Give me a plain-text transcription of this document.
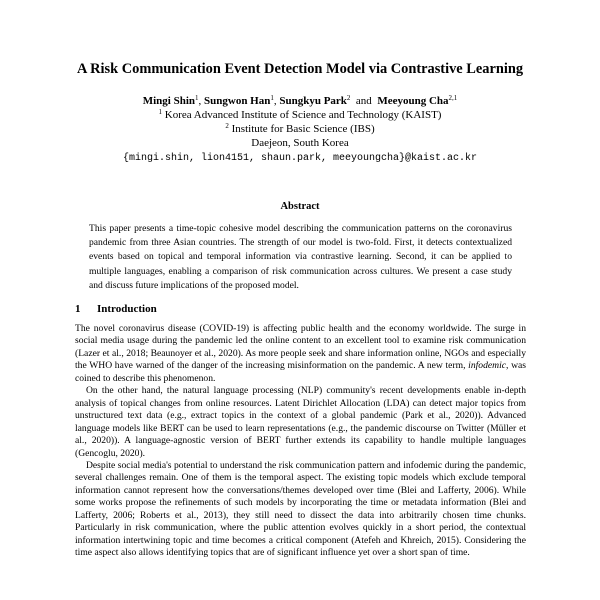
A Risk Communication Event Detection Model via Contrastive Learning
Mingi Shin$^1$, Sungwon Han$^1$, Sungkyu Park$^2$  and  Meeyoung Cha$^{2,1}$
$^1$ Korea Advanced Institute of Science and Technology (KAIST)
$^2$ Institute for Basic Science (IBS)
Daejeon, South Korea
{mingi.shin, lion4151, shaun.park, meeyoungcha}@kaist.ac.kr
Abstract
This paper presents a time-topic cohesive model describing the communication patterns on the coronavirus pandemic from three Asian countries. The strength of our model is two-fold. First, it detects contextualized events based on topical and temporal information via contrastive learning. Second, it can be applied to multiple languages, enabling a comparison of risk communication across cultures. We present a case study and discuss future implications of the proposed model.
1 Introduction

The novel coronavirus disease (COVID-19) is affecting public health and the economy worldwide. The surge in social media usage during the pandemic led the online content to an excellent tool to examine risk communication (Lazer et al., 2018; Beaunoyer et al., 2020). As more people seek and share information online, NGOs and especially the WHO have warned of the danger of the increasing misinformation on the pandemic. A new term, infodemic, was coined to describe this phenomenon.

On the other hand, the natural language processing (NLP) community's recent developments enable in-depth analysis of topical changes from online resources. Latent Dirichlet Allocation (LDA) can detect major topics from unstructured text data (e.g., extract topics in the context of a global pandemic (Park et al., 2020)). Advanced language models like BERT can be used to learn representations (e.g., the pandemic discourse on Twitter (Müller et al., 2020)). A language-agnostic version of BERT further extends its capability to handle multiple languages (Gencoglu, 2020).

Despite social media's potential to understand the risk communication pattern and infodemic during the pandemic, several challenges remain. One of them is the temporal aspect. The existing topic models which exclude temporal information cannot represent how the conversations/themes developed over time (Blei and Lafferty, 2006). While some works propose the refinements of such models by incorporating the time or metadata information (Blei and Lafferty, 2006; Roberts et al., 2013), they still need to dissect the data into arbitrarily chosen time chunks. Particularly in risk communication, where the public attention evolves quickly in a short period, the contextual information intertwining topic and time becomes a critical component (Atefeh and Khreich, 2015). Considering the time aspect also allows identifying topics that are of significant influence yet over a short span of time.
